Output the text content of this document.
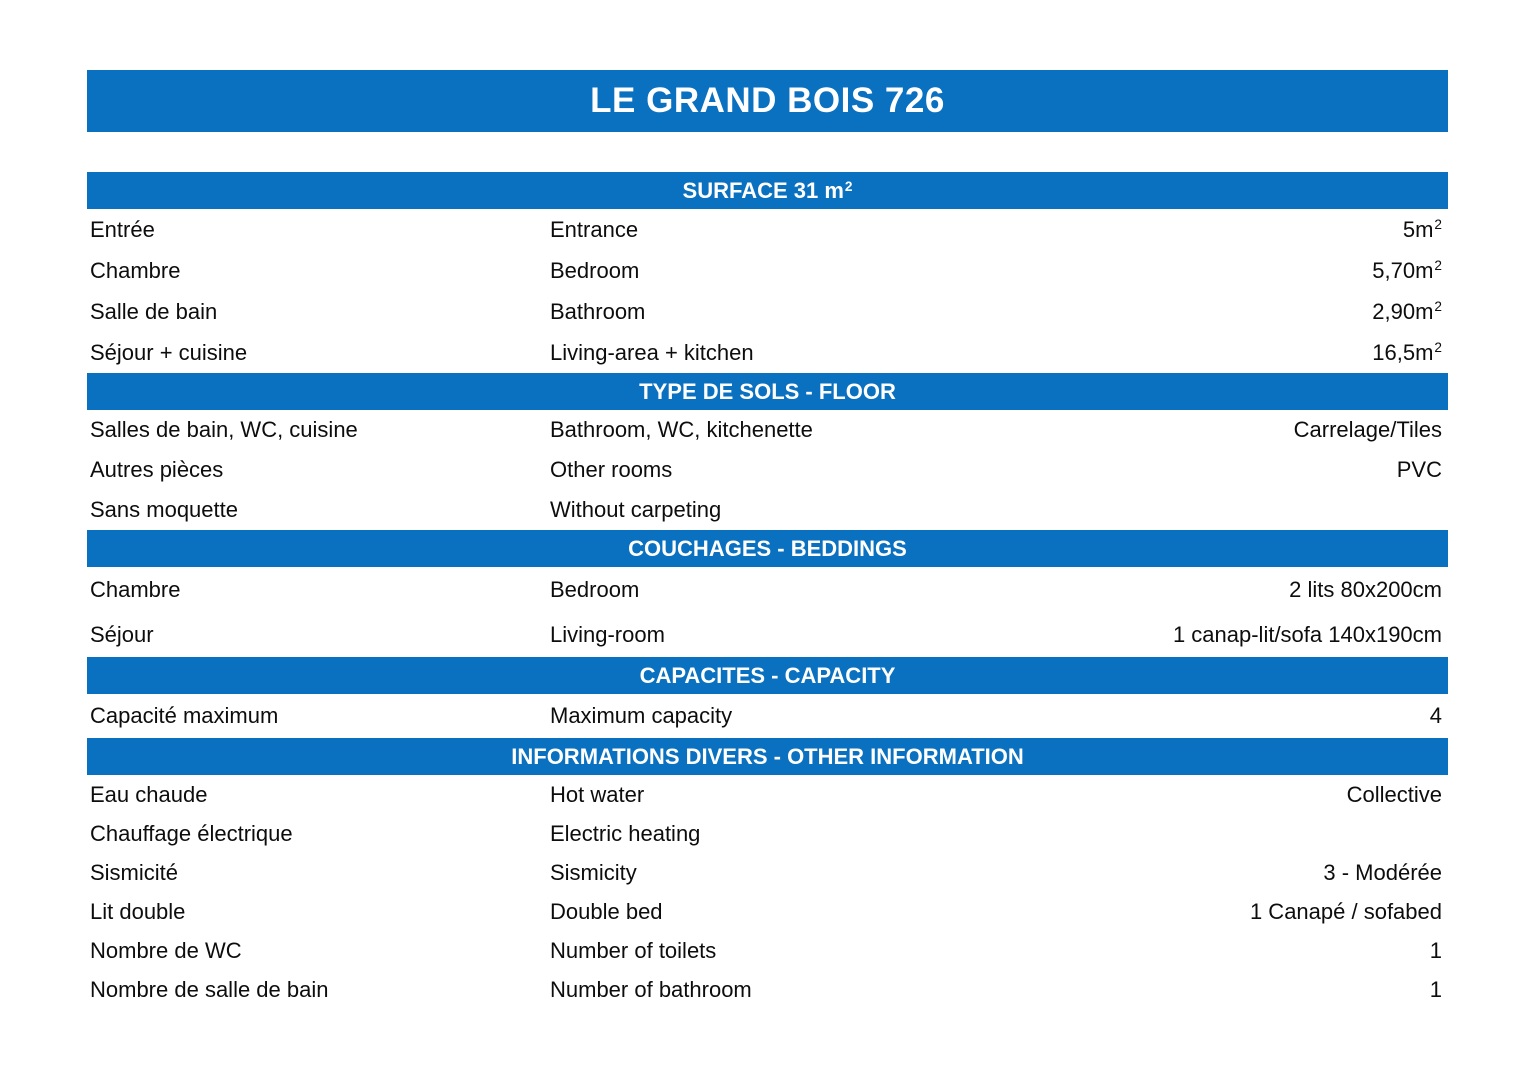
LE GRAND BOIS 726
SURFACE 31 $m^2$
Entrée	Entrance	$5m^2$
Chambre	Bedroom	$5,70m^2$
Salle de bain	Bathroom	$2,90m^2$
Séjour + cuisine	Living-area + kitchen	$16,5m^2$
TYPE DE SOLS - FLOOR
Salles de bain, WC, cuisine	Bathroom, WC, kitchenette	Carrelage/Tiles
Autres pièces	Other rooms	PVC
Sans moquette	Without carpeting
COUCHAGES - BEDDINGS
Chambre	Bedroom	2 lits 80x200cm
Séjour	Living-room	1 canap-lit/sofa 140x190cm
CAPACITES - CAPACITY
Capacité maximum	Maximum capacity	4
INFORMATIONS DIVERS - OTHER INFORMATION
Eau chaude	Hot water	Collective
Chauffage électrique	Electric heating
Sismicité	Sismicity	3 - Modérée
Lit double	Double bed	1 Canapé / sofabed
Nombre de WC	Number of toilets	1
Nombre de salle de bain	Number of bathroom	1
